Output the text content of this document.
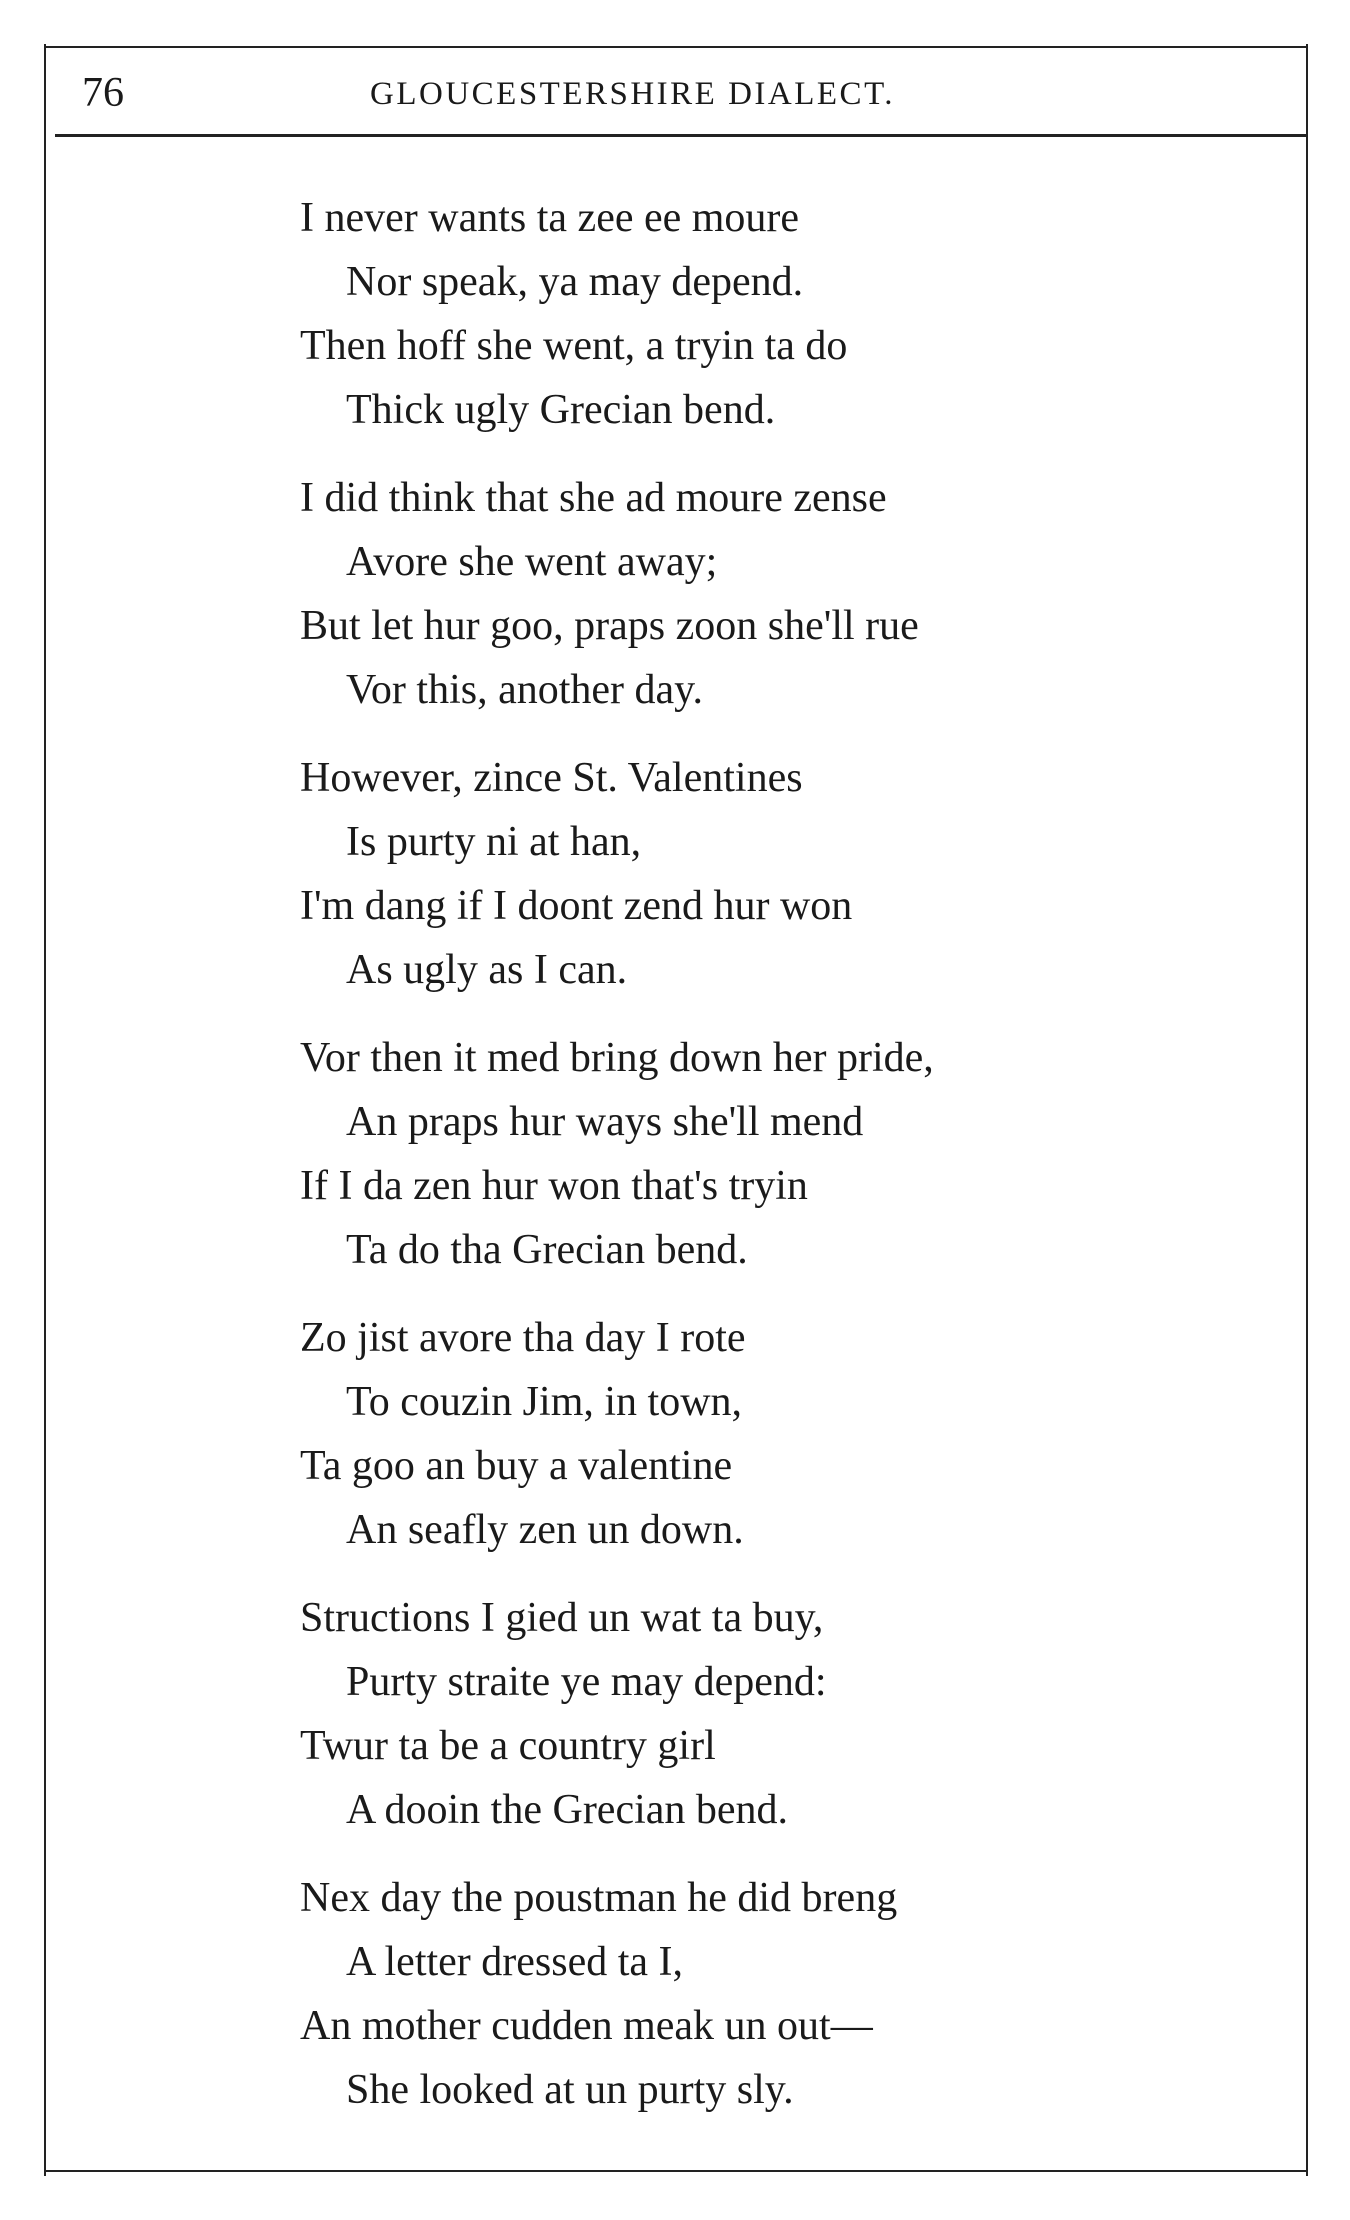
76	GLOUCESTERSHIRE DIALECT.
I never wants ta zee ee moure
Nor speak, ya may depend.
Then hoff she went, a tryin ta do
Thick ugly Grecian bend.
I did think that she ad moure zense
Avore she went away;
But let hur goo, praps zoon she'll rue
Vor this, another day.
However, zince St. Valentines
Is purty ni at han,
I'm dang if I doont zend hur won
As ugly as I can.
Vor then it med bring down her pride,
An praps hur ways she'll mend
If I da zen hur won that's tryin
Ta do tha Grecian bend.
Zo jist avore tha day I rote
To couzin Jim, in town,
Ta goo an buy a valentine
An seafly zen un down.
Structions I gied un wat ta buy,
Purty straite ye may depend:
Twur ta be a country girl
A dooin the Grecian bend.
Nex day the poustman he did breng
A letter dressed ta I,
An mother cudden meak un out—
She looked at un purty sly.
